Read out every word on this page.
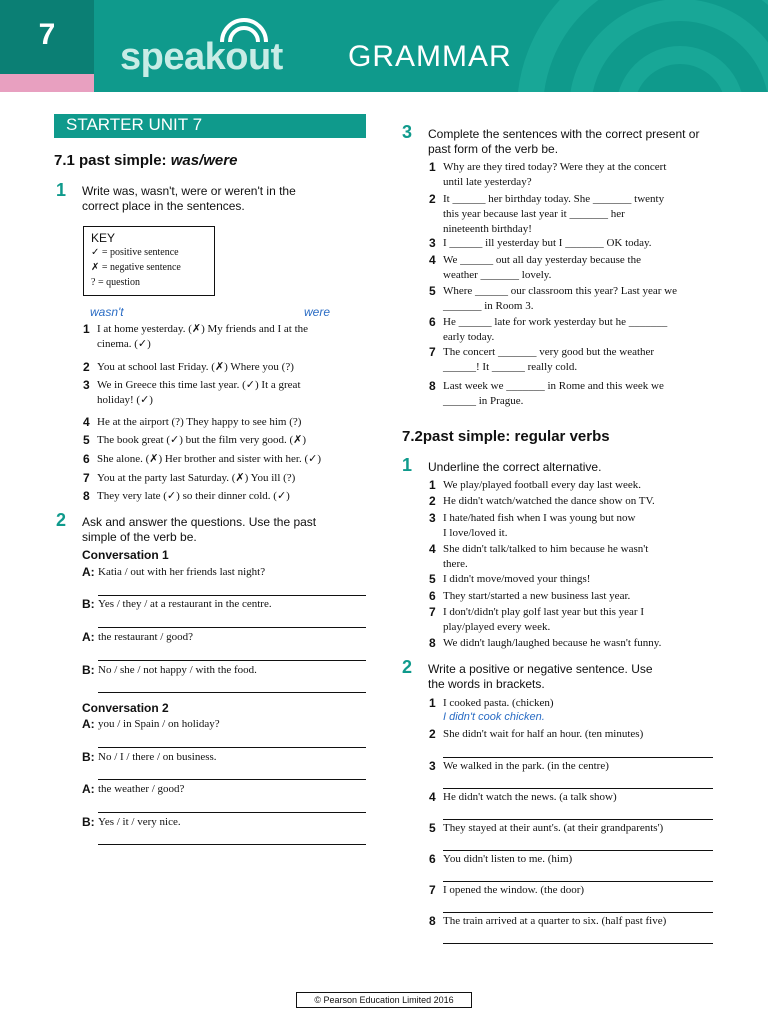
7
speakout GRAMMAR
STARTER UNIT 7
7.1 past simple: was/were
1 Write was, wasn't, were or weren't in the
correct place in the sentences.
KEY
✓ = positive sentence
✗ = negative sentence
? = question
wasn't	were
1 I at home yesterday. (✗) My friends and I at the
cinema. (✓)
2 You at school last Friday. (✗) Where you (?)
3 We in Greece this time last year. (✓) It a great
holiday! (✓)
4 He at the airport (?) They happy to see him (?)
5 The book great (✓) but the film very good. (✗)
6 She alone. (✗) Her brother and sister with her. (✓)
7 You at the party last Saturday. (✗) You ill (?)
8 They very late (✓) so their dinner cold. (✓)
2 Ask and answer the questions. Use the past
simple of the verb be.
Conversation 1
A: Katia / out with her friends last night?
B: Yes / they / at a restaurant in the centre.
A: the restaurant / good?
B: No / she / not happy / with the food.
Conversation 2
A: you / in Spain / on holiday?
B: No / I / there / on business.
A: the weather / good?
B: Yes / it / very nice.
3 Complete the sentences with the correct present or
past form of the verb be.
1 Why are they tired today? Were they at the concert
until late yesterday?
2 It ______ her birthday today. She _______ twenty
this year because last year it _______ her
nineteenth birthday!
3 I ______ ill yesterday but I _______ OK today.
4 We ______ out all day yesterday because the
weather _______ lovely.
5 Where ______ our classroom this year? Last year we
_______ in Room 3.
6 He ______ late for work yesterday but he _______
early today.
7 The concert _______ very good but the weather
______! It ______ really cold.
8 Last week we _______ in Rome and this week we
______ in Prague.
7.2past simple: regular verbs
1 Underline the correct alternative.
1 We play/played football every day last week.
2 He didn't watch/watched the dance show on TV.
3 I hate/hated fish when I was young but now
I love/loved it.
4 She didn't talk/talked to him because he wasn't
there.
5 I didn't move/moved your things!
6 They start/started a new business last year.
7 I don't/didn't play golf last year but this year I
play/played every week.
8 We didn't laugh/laughed because he wasn't funny.
2 Write a positive or negative sentence. Use
the words in brackets.
1 I cooked pasta. (chicken)
I didn't cook chicken.
2 She didn't wait for half an hour. (ten minutes)
3 We walked in the park. (in the centre)
4 He didn't watch the news. (a talk show)
5 They stayed at their aunt's. (at their grandparents')
6 You didn't listen to me. (him)
7 I opened the window. (the door)
8 The train arrived at a quarter to six. (half past five)
© Pearson Education Limited 2016
